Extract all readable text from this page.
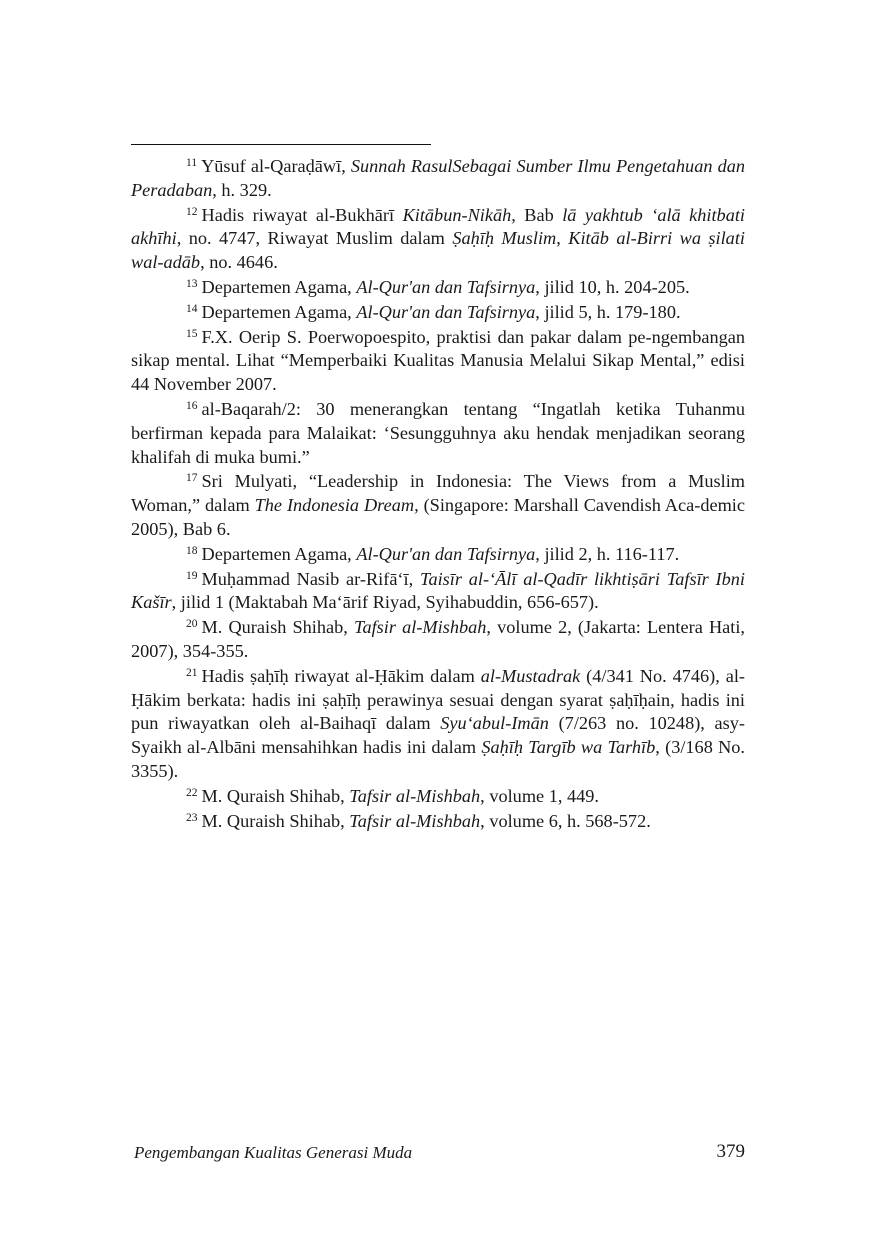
$^{11}$ Yūsuf al-Qaraḍāwī, Sunnah RasulSebagai Sumber Ilmu Pengetahuan dan Peradaban, h. 329.

$^{12}$ Hadis riwayat al-Bukhārī Kitābun-Nikāh, Bab lā yakhtub ‘alā khitbati akhīhi, no. 4747, Riwayat Muslim dalam Ṣaḥīḥ Muslim, Kitāb al-Birri wa ṣilati wal-adāb, no. 4646.

$^{13}$ Departemen Agama, Al-Qur'an dan Tafsirnya, jilid 10, h. 204-205.

$^{14}$ Departemen Agama, Al-Qur'an dan Tafsirnya, jilid 5, h. 179-180.

$^{15}$ F.X. Oerip S. Poerwopoespito, praktisi dan pakar dalam pe-ngembangan sikap mental. Lihat “Memperbaiki Kualitas Manusia Melalui Sikap Mental,” edisi 44 November 2007.

$^{16}$ al-Baqarah/2: 30 menerangkan tentang “Ingatlah ketika Tuhanmu berfirman kepada para Malaikat: ‘Sesungguhnya aku hendak menjadikan seorang khalifah di muka bumi.”

$^{17}$ Sri Mulyati, “Leadership in Indonesia: The Views from a Muslim Woman,” dalam The Indonesia Dream, (Singapore: Marshall Cavendish Aca-demic 2005), Bab 6.

$^{18}$ Departemen Agama, Al-Qur'an dan Tafsirnya, jilid 2, h. 116-117.

$^{19}$ Muḥammad Nasib ar-Rifā‘ī, Taisīr al-‘Ālī al-Qadīr likhtiṣāri Tafsīr Ibni Kašīr, jilid 1 (Maktabah Ma‘ārif Riyad, Syihabuddin, 656-657).

$^{20}$ M. Quraish Shihab, Tafsir al-Mishbah, volume 2, (Jakarta: Lentera Hati, 2007), 354-355.

$^{21}$ Hadis ṣaḥīḥ riwayat al-Ḥākim dalam al-Mustadrak (4/341 No. 4746), al-Ḥākim berkata: hadis ini ṣaḥīḥ perawinya sesuai dengan syarat ṣaḥīḥain, hadis ini pun riwayatkan oleh al-Baihaqī dalam Syu‘abul-Imān (7/263 no. 10248), asy-Syaikh al-Albāni mensahihkan hadis ini dalam Ṣaḥīḥ Targīb wa Tarhīb, (3/168 No. 3355).

$^{22}$ M. Quraish Shihab, Tafsir al-Mishbah, volume 1, 449.

$^{23}$ M. Quraish Shihab, Tafsir al-Mishbah, volume 6, h. 568-572.

Pengembangan Kualitas Generasi Muda	379
